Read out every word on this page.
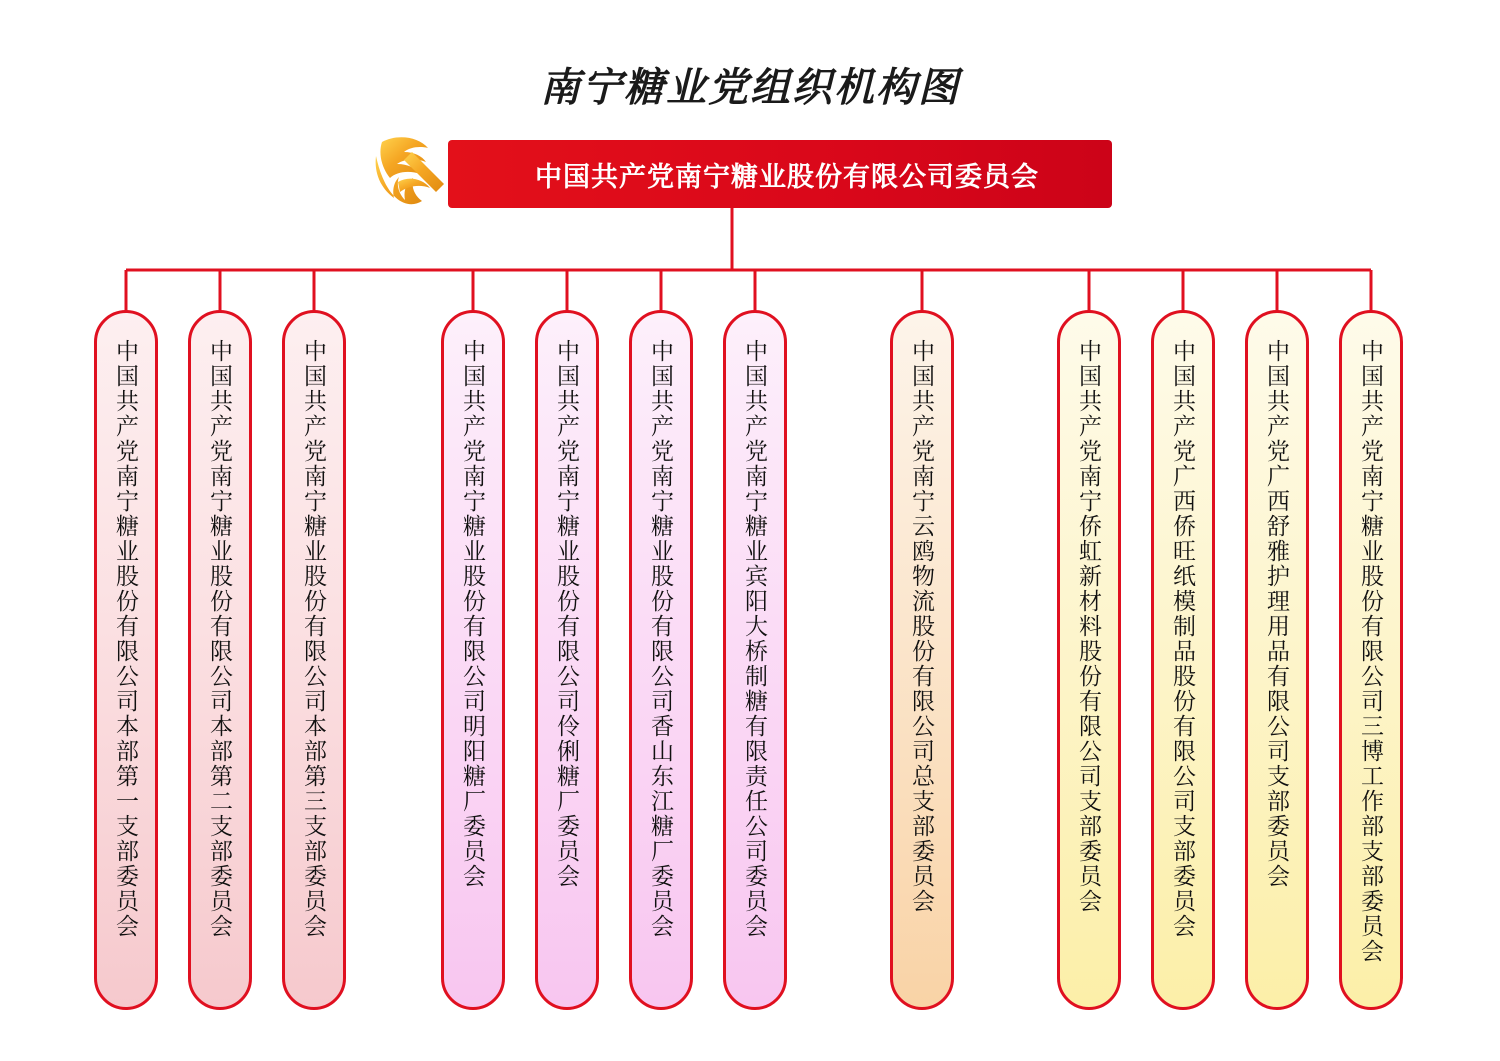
南宁糖业党组织机构图
中国共产党南宁糖业股份有限公司委员会
中国共产党南宁糖业股份有限公司本部第一支部委员会	中国共产党南宁糖业股份有限公司本部第二支部委员会	中国共产党南宁糖业股份有限公司本部第三支部委员会	中国共产党南宁糖业股份有限公司明阳糖厂委员会	中国共产党南宁糖业股份有限公司伶俐糖厂委员会	中国共产党南宁糖业股份有限公司香山东江糖厂委员会	中国共产党南宁糖业宾阳大桥制糖有限责任公司委员会	中国共产党南宁云鸥物流股份有限公司总支部委员会	中国共产党南宁侨虹新材料股份有限公司支部委员会	中国共产党广西侨旺纸模制品股份有限公司支部委员会	中国共产党广西舒雅护理用品有限公司支部委员会	中国共产党南宁糖业股份有限公司三博工作部支部委员会
